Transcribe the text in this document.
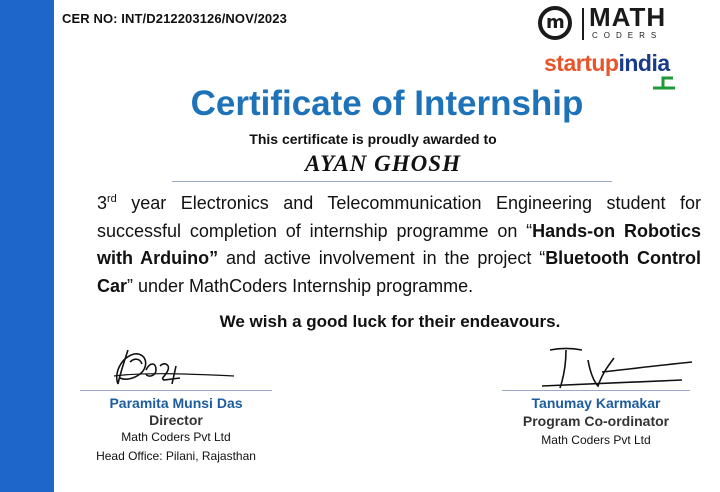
CER NO: INT/D212203126/NOV/2023	m MATH
CODERS
startupindia
Certificate of Internship
This certificate is proudly awarded to
AYAN GHOSH
3rd year Electronics and Telecommunication Engineering student for successful completion of internship programme on “Hands-on Robotics with Arduino” and active involvement in the project “Bluetooth Control Car” under MathCoders Internship programme.
We wish a good luck for their endeavours.
Paramita Munsi Das
Director
Math Coders Pvt Ltd
Head Office: Pilani, Rajasthan
Tanumay Karmakar
Program Co-ordinator
Math Coders Pvt Ltd
